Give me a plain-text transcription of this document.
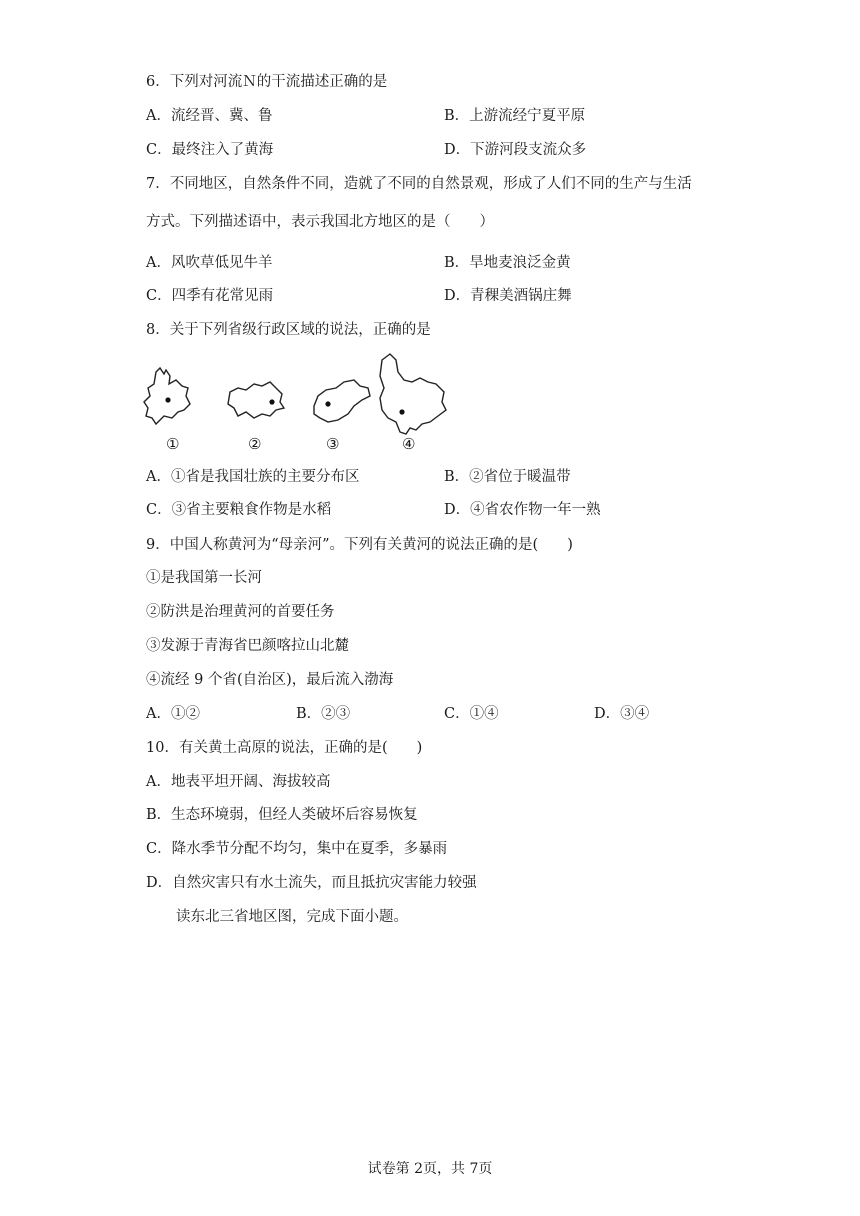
6．下列对河流Ｎ的干流描述正确的是
A．流经晋、冀、鲁	B．上游流经宁夏平原
C．最终注入了黄海	D．下游河段支流众多
7．不同地区，自然条件不同，造就了不同的自然景观，形成了人们不同的生产与生活
方式。下列描述语中，表示我国北方地区的是（　　）
A．风吹草低见牛羊	B．旱地麦浪泛金黄
C．四季有花常见雨	D．青稞美酒锅庄舞
8．关于下列省级行政区域的说法，正确的是
①	②	③	④
A．①省是我国壮族的主要分布区	B．②省位于暖温带
C．③省主要粮食作物是水稻	D．④省农作物一年一熟
9．中国人称黄河为“母亲河”。下列有关黄河的说法正确的是(　　)
①是我国第一长河
②防洪是治理黄河的首要任务
③发源于青海省巴颜喀拉山北麓
④流经 9 个省(自治区)，最后流入渤海
A．①②	B．②③	C．①④	D．③④
10．有关黄土高原的说法，正确的是(　　)
A．地表平坦开阔、海拔较高
B．生态环境弱，但经人类破坏后容易恢复
C．降水季节分配不均匀，集中在夏季，多暴雨
D．自然灾害只有水土流失，而且抵抗灾害能力较强
读东北三省地区图，完成下面小题。
试卷第 2页，共 7页
